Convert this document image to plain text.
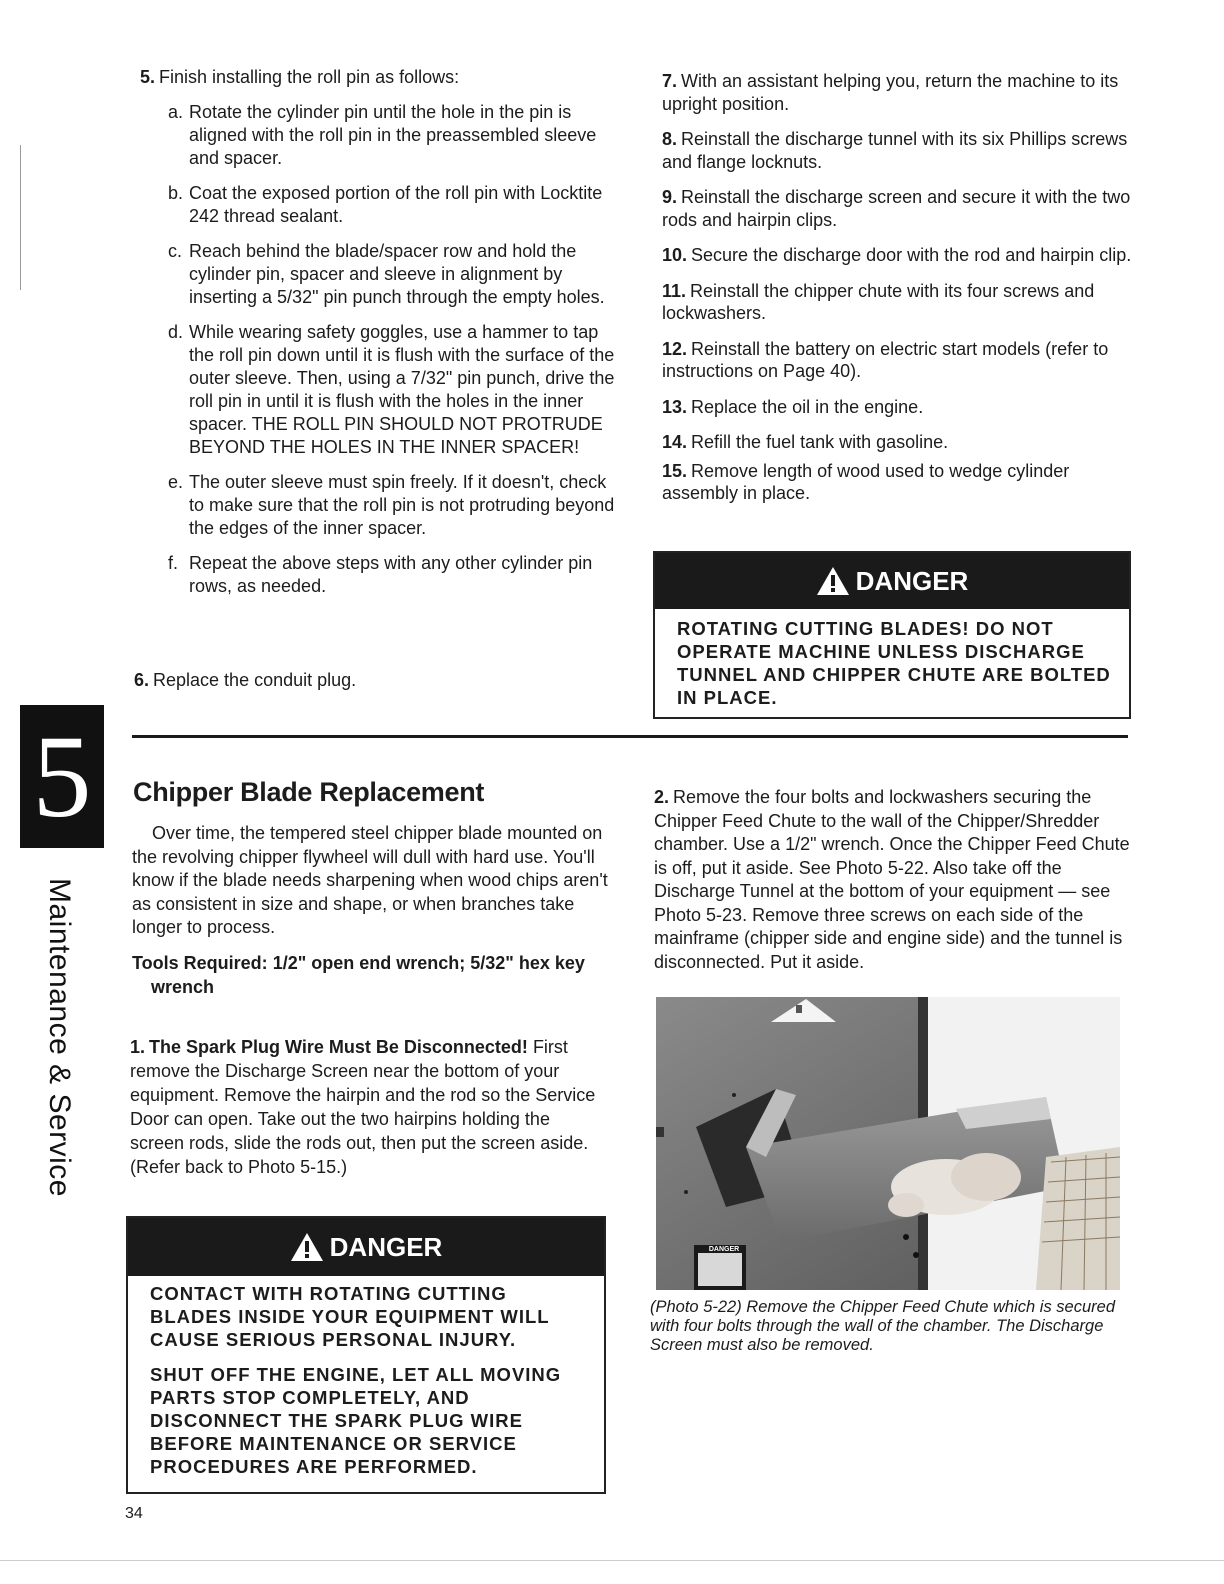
5
Maintenance & Service

5. Finish installing the roll pin as follows:

a. Rotate the cylinder pin until the hole in the pin is aligned with the roll pin in the preassembled sleeve and spacer.
b. Coat the exposed portion of the roll pin with Locktite 242 thread sealant.
c. Reach behind the blade/spacer row and hold the cylinder pin, spacer and sleeve in alignment by inserting a 5/32" pin punch through the empty holes.
d. While wearing safety goggles, use a hammer to tap the roll pin down until it is flush with the surface of the outer sleeve. Then, using a 7/32" pin punch, drive the roll pin in until it is flush with the holes in the inner spacer. THE ROLL PIN SHOULD NOT PROTRUDE BEYOND THE HOLES IN THE INNER SPACER!
e. The outer sleeve must spin freely. If it doesn't, check to make sure that the roll pin is not protruding beyond the edges of the inner spacer.
f. Repeat the above steps with any other cylinder pin rows, as needed.

6. Replace the conduit plug.

7. With an assistant helping you, return the machine to its upright position.

8. Reinstall the discharge tunnel with its six Phillips screws and flange locknuts.

9. Reinstall the discharge screen and secure it with the two rods and hairpin clips.

10. Secure the discharge door with the rod and hairpin clip.

11. Reinstall the chipper chute with its four screws and lockwashers.

12. Reinstall the battery on electric start models (refer to instructions on Page 40).

13. Replace the oil in the engine.

14. Refill the fuel tank with gasoline.

15. Remove length of wood used to wedge cylinder assembly in place.

DANGER

ROTATING CUTTING BLADES! DO NOT OPERATE MACHINE UNLESS DISCHARGE TUNNEL AND CHIPPER CHUTE ARE BOLTED IN PLACE.

Chipper Blade Replacement

Over time, the tempered steel chipper blade mounted on the revolving chipper flywheel will dull with hard use. You'll know if the blade needs sharpening when wood chips aren't as consistent in size and shape, or when branches take longer to process.

Tools Required: 1/2" open end wrench; 5/32" hex key wrench

1. The Spark Plug Wire Must Be Disconnected! First remove the Discharge Screen near the bottom of your equipment. Remove the hairpin and the rod so the Service Door can open. Take out the two hairpins holding the screen rods, slide the rods out, then put the screen aside. (Refer back to Photo 5-15.)

DANGER

CONTACT WITH ROTATING CUTTING BLADES INSIDE YOUR EQUIPMENT WILL CAUSE SERIOUS PERSONAL INJURY.

SHUT OFF THE ENGINE, LET ALL MOVING PARTS STOP COMPLETELY, AND DISCONNECT THE SPARK PLUG WIRE BEFORE MAINTENANCE OR SERVICE PROCEDURES ARE PERFORMED.

2. Remove the four bolts and lockwashers securing the Chipper Feed Chute to the wall of the Chipper/Shredder chamber. Use a 1/2" wrench. Once the Chipper Feed Chute is off, put it aside. See Photo 5-22. Also take off the Discharge Tunnel at the bottom of your equipment — see Photo 5-23. Remove three screws on each side of the mainframe (chipper side and engine side) and the tunnel is disconnected. Put it aside.

DANGER

(Photo 5-22) Remove the Chipper Feed Chute which is secured with four bolts through the wall of the chamber. The Discharge Screen must also be removed.

34
